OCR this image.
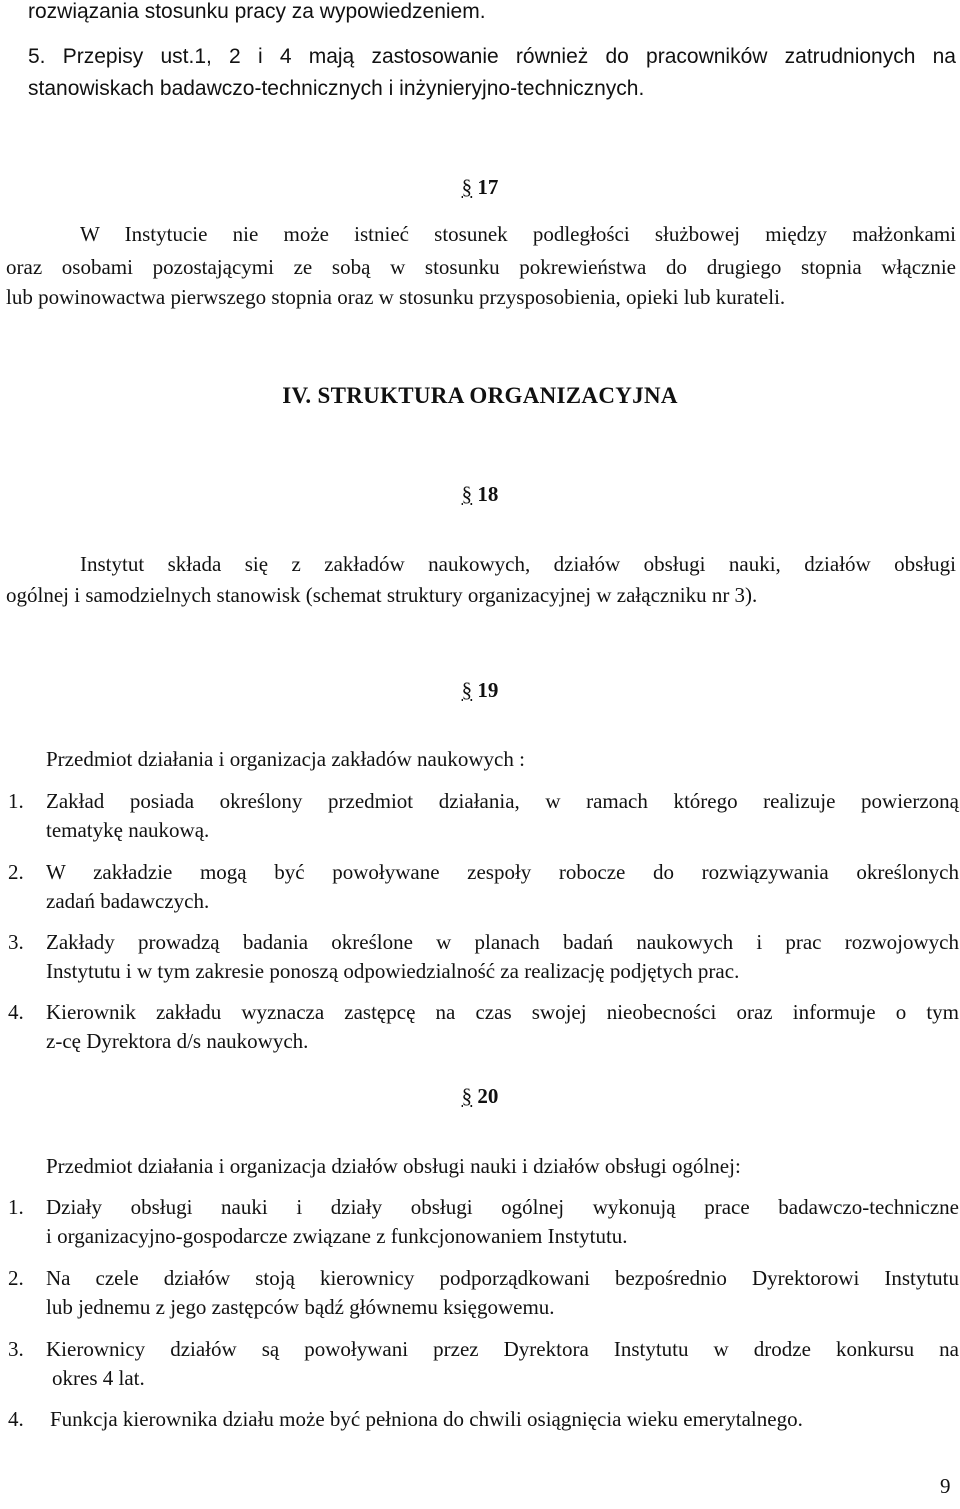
rozwiązania stosunku pracy za wypowiedzeniem.
5. Przepisy ust.1, 2 i 4 mają zastosowanie również do pracowników zatrudnionych na
stanowiskach badawczo-technicznych i inżynieryjno-technicznych.
§ 17
W Instytucie nie może istnieć stosunek podległości służbowej między małżonkami
oraz osobami pozostającymi ze sobą w stosunku pokrewieństwa do drugiego stopnia włącznie
lub powinowactwa pierwszego stopnia oraz w stosunku przysposobienia, opieki lub kurateli.
IV. STRUKTURA ORGANIZACYJNA
§ 18
Instytut składa się z zakładów naukowych, działów obsługi nauki, działów obsługi
ogólnej i samodzielnych stanowisk (schemat struktury organizacyjnej w załączniku nr 3).
§ 19
Przedmiot działania i organizacja zakładów naukowych :
1. Zakład posiada określony przedmiot działania, w ramach którego realizuje powierzoną
tematykę naukową.
2. W zakładzie mogą być powoływane zespoły robocze do rozwiązywania określonych
zadań badawczych.
3. Zakłady prowadzą badania określone w planach badań naukowych i prac rozwojowych
Instytutu i w tym zakresie ponoszą odpowiedzialność za realizację podjętych prac.
4. Kierownik zakładu wyznacza zastępcę na czas swojej nieobecności oraz informuje o tym
z-cę Dyrektora d/s naukowych.
§ 20
Przedmiot działania i organizacja działów obsługi nauki i działów obsługi ogólnej:
1. Działy obsługi nauki i działy obsługi ogólnej wykonują prace badawczo-techniczne
i organizacyjno-gospodarcze związane z funkcjonowaniem Instytutu.
2. Na czele działów stoją kierownicy podporządkowani bezpośrednio Dyrektorowi Instytutu
lub jednemu z jego zastępców bądź głównemu księgowemu.
3. Kierownicy działów są powoływani przez Dyrektora Instytutu w drodze konkursu na
okres 4 lat.
4. Funkcja kierownika działu może być pełniona do chwili osiągnięcia wieku emerytalnego.
9
